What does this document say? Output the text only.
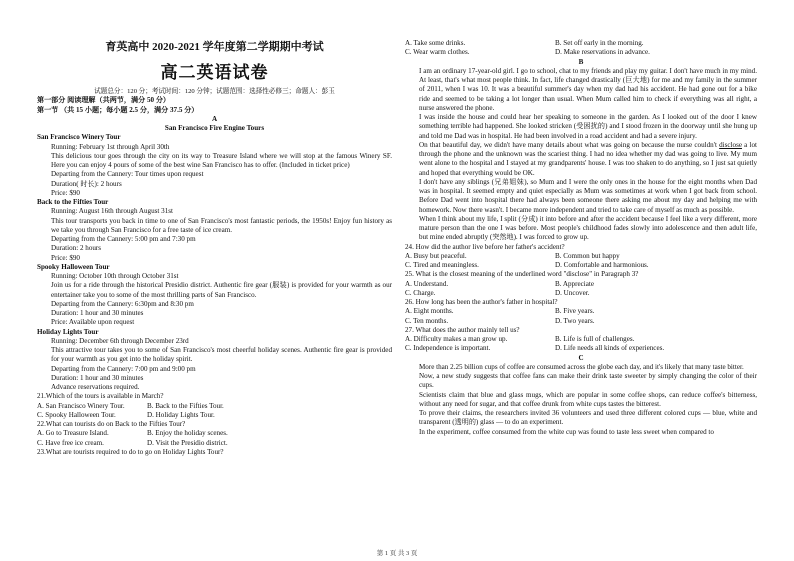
育英高中 2020-2021 学年度第二学期期中考试
高二英语试卷
试题总分：120 分；考试时间：120 分钟；试题范围：选择性必修三；命题人：彭玉
第一部分 阅读理解（共两节，满分 50 分）
第一节 （共 15 小题；每小题 2.5 分，满分 37.5 分）
A
San Francisco Fire Engine Tours
San Francisco Winery Tour
Running: February 1st through April 30th
This delicious tour goes through the city on its way to Treasure Island where we will stop at the famous Winery SF. Here you can enjoy 4 pours of some of the best wine San Francisco has to offer. (Included in ticket price)
Departing from the Cannery: Tour times upon request
Duration( 时长): 2 hours
Price: $90
Back to the Fifties Tour
Running: August 16th through August 31st
This tour transports you back in time to one of San Francisco's most fantastic periods, the 1950s! Enjoy fun history as we take you through San Francisco for a free taste of ice cream.
Departing from the Cannery: 5:00 pm and 7:30 pm
Duration: 2 hours
Price: $90
Spooky Halloween Tour
Running: October 10th through October 31st
Join us for a ride through the historical Presidio district. Authentic fire gear (服装) is provided for your warmth as our entertainer take you to some of the most thrilling parts of San Francisco.
Departing from the Cannery: 6:30pm and 8:30 pm
Duration: 1 hour and 30 minutes
Price: Available upon request
Holiday Lights Tour
Running: December 6th through December 23rd
This attractive tour takes you to some of San Francisco's most cheerful holiday scenes. Authentic fire gear is provided for your warmth as you get into the holiday spirit.
Departing from the Cannery: 7:00 pm and 9:00 pm
Duration: 1 hour and 30 minutes
Advance reservations required.
21.Which of the tours is available in March?
A. San Francisco Winery Tour.	B. Back to the Fifties Tour.
C. Spooky Halloween Tour.	D. Holiday Lights Tour.
22.What can tourists do on Back to the Fifties Tour?
A. Go to Treasure Island.	B. Enjoy the holiday scenes.
C. Have free ice cream.	D. Visit the Presidio district.
23.What are tourists required to do to go on Holiday Lights Tour?
A. Take some drinks.	B. Set off early in the morning.
C. Wear warm clothes.	D. Make reservations in advance.
B
I am an ordinary 17-year-old girl. I go to school, chat to my friends and play my guitar. I don't have much in my mind. At least, that's what most people think. In fact, life changed drastically (巨大地) for me and my family in the summer of 2011, when I was 10. It was a beautiful summer's day when my dad had his accident. He had gone out for a bike ride and seemed to be taking a lot longer than usual. When Mum called him to check if everything was all right, a nurse answered the phone.
I was inside the house and could hear her speaking to someone in the garden. As I looked out of the door I knew something terrible had happened. She looked stricken (受困扰的) and I stood frozen in the doorway until she hung up and told me Dad was in hospital. He had been involved in a road accident and had a severe injury.
On that beautiful day, we didn't have many details about what was going on because the nurse couldn't disclose a lot through the phone and the unknown was the scariest thing. I had no idea whether my dad was going to live. My mum went alone to the hospital and I stayed at my grandparents' house. I was too shaken to do anything, so I just sat quietly and hoped that everything would be OK.
I don't have any siblings (兄弟姐妹), so Mum and I were the only ones in the house for the eight months when Dad was in hospital. It seemed empty and quiet especially as Mum was sometimes at work when I got back from school. Before Dad went into hospital there had always been someone there asking me about my day and helping me with homework. Now there wasn't. I became more independent and tried to take care of myself as much as possible.
When I think about my life, I split (分成) it into before and after the accident because I feel like a very different, more mature person than the one I was before. Most people's childhood fades slowly into adolescence and then adult life, but mine ended abruptly (突然地). I was forced to grow up.
24. How did the author live before her father's accident?
A. Busy but peaceful.	B. Common but happy
C. Tired and meaningless.	D. Comfortable and harmonious.
25. What is the closest meaning of the underlined word "disclose" in Paragraph 3?
A. Understand.	B. Appreciate
C. Charge.	D. Uncover.
26. How long has been the author's father in hospital?
A. Eight months.	B. Five years.
C. Ten months.	D. Two years.
27. What does the author mainly tell us?
A. Difficulty makes a man grow up.	B. Life is full of challenges.
C. Independence is important.	D. Life needs all kinds of experiences.
C
More than 2.25 billion cups of coffee are consumed across the globe each day, and it's likely that many taste bitter.
Now, a new study suggests that coffee fans can make their drink taste sweeter by simply changing the color of their cups.
Scientists claim that blue and glass mugs, which are popular in some coffee shops, can reduce coffee's bitterness, without any need for sugar, and that coffee drunk from white cups tastes the bitterest.
To prove their claims, the researchers invited 36 volunteers and used three different colored cups — blue, white and transparent (透明的) glass — to do an experiment.
In the experiment, coffee consumed from the white cup was found to taste less sweet when compared to
第 1 页 共 3 页
